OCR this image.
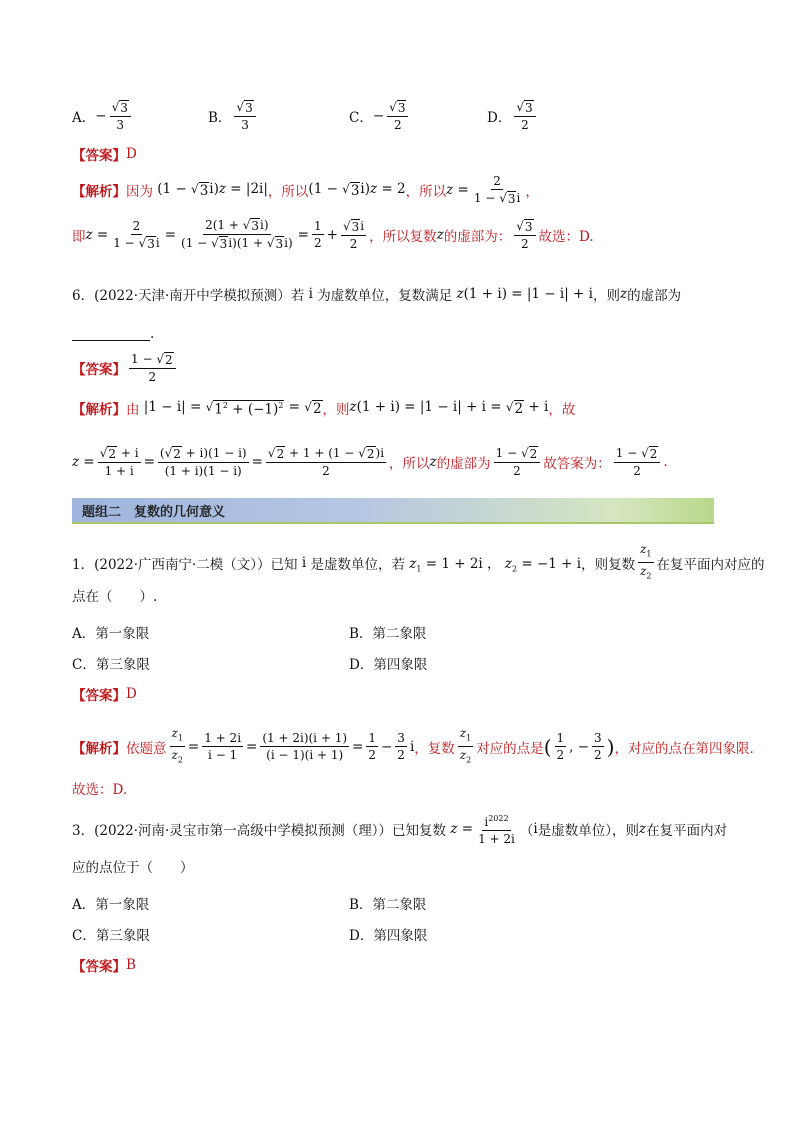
A． − $\frac{√ 3}{3}$	B． $\frac{√ 3}{3}$	C． − $\frac{√ 3}{2}$	D． $\frac{√ 3}{2}$
【答案】 D
【解析】 因为 (1 − √ 3 i)z = |2i| ，所以 (1 − √ 3 i)z = 2 ，所以 $z = \frac{2}{1 - √ 3 i}$ ，
即 $z = \frac{2}{1 - √ 3 i} = \frac{2(1 + √ 3 i)}{(1 - √ 3 i)(1 + √ 3 i)} = \frac{1}{2} + \frac{√ 3 i}{2}$ ，所以复数 z 的虚部为： $\frac{√ 3}{2}$ 故选：D.
6．(2022·天津·南开中学模拟预测）若 i 为虚数单位，复数满足 z(1 + i) = |1 − i| + i ，则 z 的虚部为
.
【答案】 $\frac{1 - √ 2}{2}$
【解析】 由 |1 − i| = √ $1^2 + (-1)^2$ = √ 2 ，则 z(1 + i) = |1 − i| + i = √ 2 + i ，故
$z = \frac{√ 2 + i}{1 + i} = \frac{( √ 2 + i)(1 - i)}{(1 + i)(1 - i)} = \frac{√ 2 + 1 + (1 - √ 2 )i}{2}$ ，所以 z 的虚部为 $\frac{1 - √ 2}{2}$ 故答案为： $\frac{1 - √ 2}{2}$ .
题组二　复数的几何意义
1．(2022·广西南宁·二模（文））已知 i 是虚数单位，若 $z_1 = 1 + 2i$ ， $z_2 = -1 + i$ ，则复数 $\frac{z_1}{z_2}$ 在复平面内对应的
点在（　　）.
A．第一象限	B．第二象限
C．第三象限	D．第四象限
【答案】 D
【解析】 依题意 $\frac{z_1}{z_2} = \frac{1 + 2i}{i - 1} = \frac{(1 + 2i)(i + 1)}{(i - 1)(i + 1)} = \frac{1}{2} - \frac{3}{2}$ i ，复数 $\frac{z_1}{z_2}$ 对应的点是 ( $\frac{1}{2}$ , − $\frac{3}{2}$ ) ，对应的点在第四象限.
故选：D.
3．(2022·河南·灵宝市第一高级中学模拟预测（理））已知复数 $z = \frac{i^{2022}}{1 + 2i}$ （ i 是虚数单位），则 z 在复平面内对
应的点位于（　　）
A．第一象限	B．第二象限
C．第三象限	D．第四象限
【答案】 B
